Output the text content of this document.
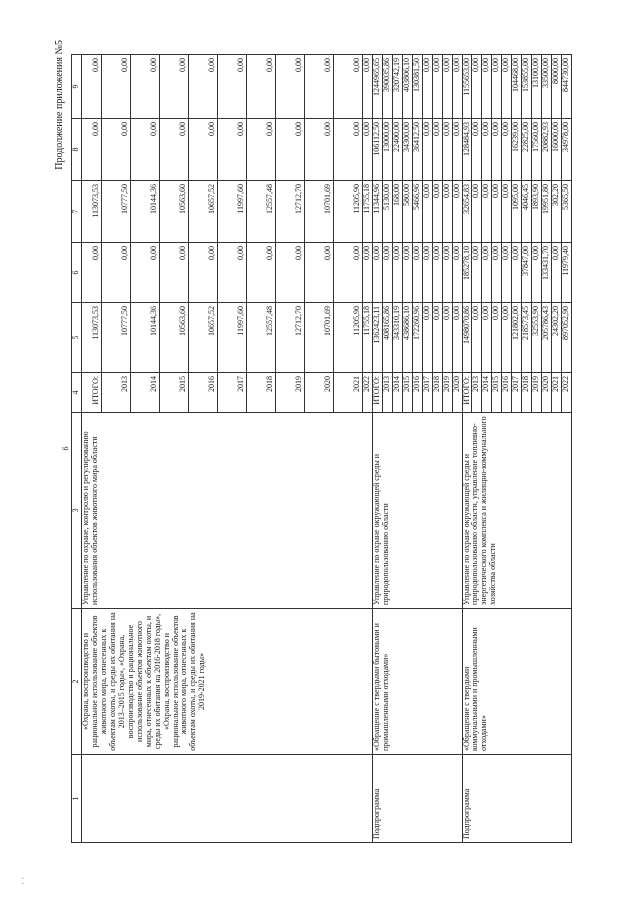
· ·
Продолжение приложения №5
6								
1	2	3	4	5	6	7	8	9
	«Охрана, воспроизводство и рациональное использование объектов животного мира, отнесенных к объектам охоты, и среды их обитания на 2013–2015 годы», «Охрана, воспроизводство и рациональное использование объектов животного мира, отнесенных к объектам охоты, и среды их обитания на 2016-2018 годы», «Охрана, воспроизводство и рациональное использование объектов животного мира, отнесенных к объектам охоты, и среды их обитания на 2019-2021 годы»	Управление по охране, контролю и регулированию использования объектов животного мира области	ИТОГО:	113073,53	0,00	113073,53	0,00	0,00
			2013	10777,50	0,00	10777,50	0,00	0,00
			2014	10144,36	0,00	10144,36	0,00	0,00
			2015	10563,60	0,00	10563,60	0,00	0,00
			2016	10657,52	0,00	10657,52	0,00	0,00
			2017	11997,60	0,00	11997,60	0,00	0,00
			2018	12557,48	0,00	12557,48	0,00	0,00
			2019	12712,70	0,00	12712,70	0,00	0,00
			2020	10701,69	0,00	10701,69	0,00	0,00
			2021	11205,90	0,00	11205,90	0,00	0,00
			2022	11755,18	0,00	11755,18	0,00	0,00
Подпрограмма	«Обращение с твердыми бытовыми и промышленными отходами»	Управление по охране окружающей среды и природопользованию области	ИТОГО:	1362423,11	0,00	11344,96	106112,50	1244965,65
			2013	408165,86	0,00	5130,00	13000,00	390035,86
			2014	343310,19	0,00	168,00	22400,00	320742,19
			2015	438686,10	0,00	580,00	34300,00	403806,10
			2016	172260,96	0,00	5466,96	36412,50	130381,50
			2017	0,00	0,00	0,00	0,00	0,00
			2018	0,00	0,00	0,00	0,00	0,00
			2019	0,00	0,00	0,00	0,00	0,00
			2020	0,00	0,00	0,00	0,00	0,00
Подпрограмма	«Обращение с твердыми коммунальными и промышленными отходами»	Управление по охране окружающей среды и природопользованию области, управление топливно-энергетического комплекса и жилищно-коммунального хозяйства области	ИТОГО:	1498070,86	185278,10	32654,83	128484,93	1155653,00
			2013	0,00	0,00	0,00	0,00	0,00
			2014	0,00	0,00	0,00	0,00	0,00
			2015	0,00	0,00	0,00	0,00	0,00
			2016	0,00	0,00	0,00	0,00	0,00
			2017	121802,00	0,00	1095,00	16239,00	104468,00
			2018	218573,45	37847,00	4046,45	22825,00	153855,00
			2019	32553,90	0,00	1893,90	17560,00	13100,00
			2020	205786,43	133431,70	19951,80	20882,93	33500,00
			2021	24302,20	0,00	302,20	16000,00	8000,00
			2022	897052,90	11979,40	5365,50	34978,00	844730,00
